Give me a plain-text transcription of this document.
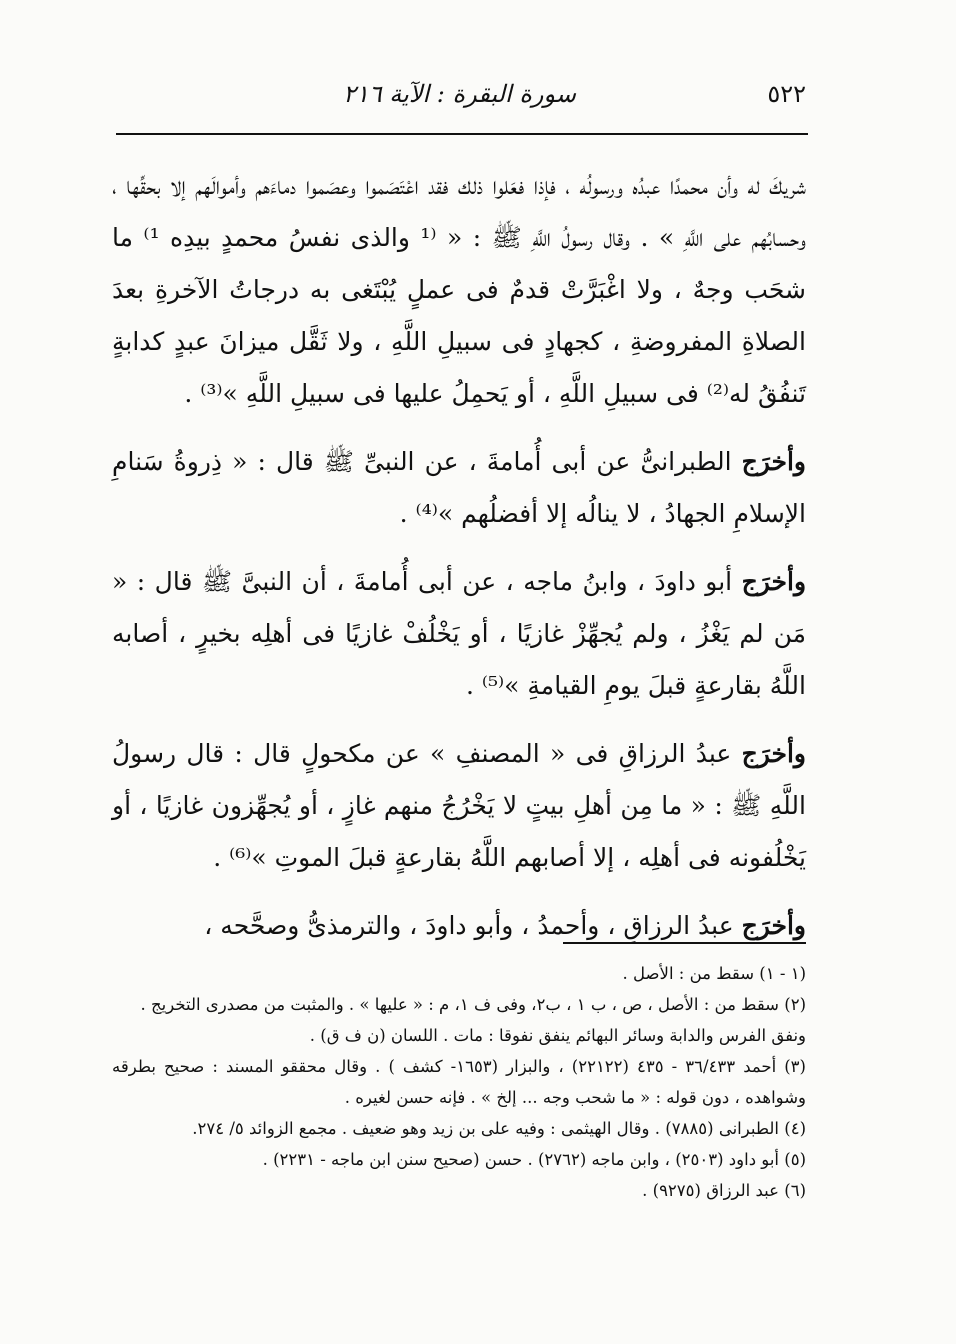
٥٢٢
سورة البقرة : الآية ٢١٦

شريكَ له وأن محمدًا عبدُه ورسولُه ، فإذا فعَلوا ذلك فقد اعْتَصَموا وعصَموا دماءَهم وأموالَهم إلا بحقِّها ، وحسابُهم على اللَّهِ » . وقال رسولُ اللَّهِ ﷺ : « ⁽¹ والذى نفسُ محمدٍ بيدِه ¹⁾ ما شحَب وجهٌ ، ولا اغْبَرَّتْ قدمٌ فى عملٍ يُبْتَغى به درجاتُ الآخرةِ بعدَ الصلاةِ المفروضةِ ، كجهادٍ فى سبيلِ اللَّهِ ، ولا ثَقَّل ميزانَ عبدٍ كدابةٍ تَنفُقُ له⁽²⁾ فى سبيلِ اللَّهِ ، أو يَحمِلُ عليها فى سبيلِ اللَّهِ »⁽³⁾ .

وأخرَج الطبرانىُّ عن أبى أُمامةَ ، عن النبىِّ ﷺ قال : « ذِروةُ سَنامِ الإسلامِ الجهادُ ، لا ينالُه إلا أفضلُهم »⁽⁴⁾ .

وأخرَج أبو داودَ ، وابنُ ماجه ، عن أبى أُمامةَ ، أن النبىَّ ﷺ قال : « مَن لم يَغْزُ ، ولم يُجهِّزْ غازيًا ، أو يَخْلُفْ غازيًا فى أهلِه بخيرٍ ، أصابه اللَّهُ بقارعةٍ قبلَ يومِ القيامةِ »⁽⁵⁾ .

وأخرَج عبدُ الرزاقِ فى « المصنفِ » عن مكحولٍ قال : قال رسولُ اللَّهِ ﷺ : « ما مِن أهلِ بيتٍ لا يَخْرُجُ منهم غازٍ ، أو يُجهِّزون غازيًا ، أو يَخْلُفونه فى أهلِه ، إلا أصابهم اللَّهُ بقارعةٍ قبلَ الموتِ »⁽⁶⁾ .

وأخرَج عبدُ الرزاقِ ، وأحمدُ ، وأبو داودَ ، والترمذىُّ وصحَّحه ،

(١ - ١) سقط من : الأصل .

(٢) سقط من : الأصل ، ص ، ب ١ ، ب٢، وفى ف ١، م : « عليها » . والمثبت من مصدرى التخريج .

ونفق الفرس والدابة وسائر البهائم ينفق نفوقا : مات . اللسان (ن ف ق) .

(٣) أحمد ٣٦/٤٣٣ - ٤٣٥ (٢٢١٢٢) ، والبزار (١٦٥٣- كشف ) . وقال محققو المسند : صحيح بطرقه وشواهده ، دون قوله : « ما شحب وجه ... إلخ » . فإنه حسن لغيره .

(٤) الطبرانى (٧٨٨٥) . وقال الهيثمى : وفيه على بن زيد وهو ضعيف . مجمع الزوائد ٥/ ٢٧٤.

(٥) أبو داود (٢٥٠٣) ، وابن ماجه (٢٧٦٢) . حسن (صحيح سنن ابن ماجه - ٢٢٣١) .

(٦) عبد الرزاق (٩٢٧٥) .
